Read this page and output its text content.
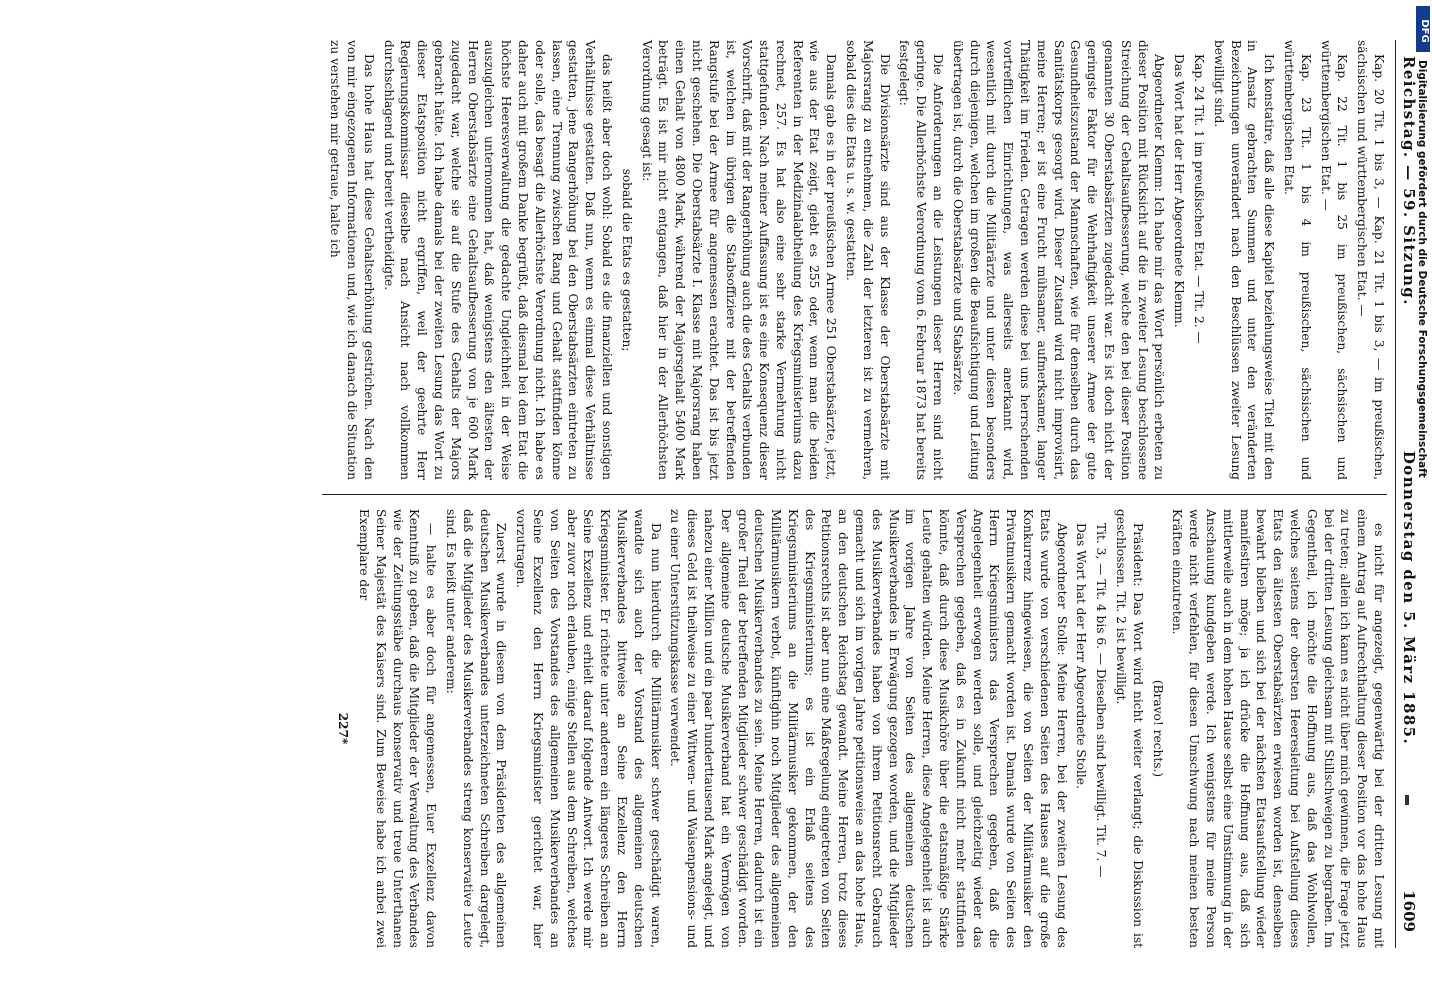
Reichstag. — 59. Sitzung.
Donnerstag den 5. März 1885.
1609

Kap. 20 Tit. 1 bis 3, — Kap. 21 Tit. 1 bis 3, — im preußischen, sächsischen und württembergischen Etat. —

Kap. 22 Tit. 1 bis 25 im preußischen, sächsischen und württembergischen Etat. —

Kap. 23 Tit. 1 bis 4 im preußischen, sächsischen und württembergischen Etat.

Ich konstatire, daß alle diese Kapitel beziehungsweise Titel mit den in Ansatz gebrachten Summen und unter den veränderten Bezeichnungen unverändert nach den Beschlüssen zweiter Lesung bewilligt sind.

Kap. 24 Tit. 1 im preußischen Etat. — Tit. 2. —

Das Wort hat der Herr Abgeordnete Klemm.

Abgeordneter Klemm: Ich habe mir das Wort persönlich erbeten zu dieser Position mit Rücksicht auf die in zweiter Lesung beschlossene Streichung der Gehaltsaufbesserung, welche den bei dieser Position genannten 30 Oberstabsärzten zugedacht war. Es ist doch nicht der geringste Faktor für die Wehrhaftigkeit unserer Armee der gute Gesundheitszustand der Mannschaften, wie für denselben durch das Sanitätskorps gesorgt wird. Dieser Zustand wird nicht improvisirt, meine Herren; er ist eine Frucht mühsamer, aufmerksamer, langer Thätigkeit im Frieden. Getragen werden diese bei uns herrschenden vortrefflichen Einrichtungen, was allerseits anerkannt wird, wesentlich mit durch die Militärärzte und unter diesen besonders durch diejenigen, welchen im großen die Beaufsichtigung und Leitung übertragen ist, durch die Oberstabsärzte und Stabsärzte.

Die Anforderungen an die Leistungen dieser Herren sind nicht geringe. Die Allerhöchste Verordnung vom 6. Februar 1873 hat bereits festgelegt:

Die Divisionsärzte sind aus der Klasse der Oberstabsärzte mit Majorsrang zu entnehmen, die Zahl der letzteren ist zu vermehren, sobald dies die Etats u. s. w. gestatten.

Damals gab es in der preußischen Armee 251 Oberstabsärzte, jetzt, wie aus der Etat zeigt, giebt es 255 oder, wenn man die beiden Referenten in der Medizinalabtheilung des Kriegsministeriums dazu rechnet, 257. Es hat also eine sehr starke Vermehrung nicht stattgefunden. Nach meiner Auffassung ist es eine Konsequenz dieser Vorschrift, daß mit der Rangerhöhung auch die des Gehalts verbunden ist, welchen im übrigen die Stabsoffiziere mit der betreffenden Rangstufe bei der Armee für angemessen erachtet. Das ist bis jetzt nicht geschehen. Die Oberstabsärzte I. Klasse mit Majorsrang haben einen Gehalt von 4800 Mark, während der Majorsgehalt 5400 Mark beträgt. Es ist mir nicht entgangen, daß hier in der Allerhöchsten Verordnung gesagt ist:

sobald die Etats es gestatten;

das heißt aber doch wohl: Sobald es die finanziellen und sonstigen Verhältnisse gestatten. Daß nun, wenn es einmal diese Verhältnisse gestatten, jene Rangerhöhung bei den Oberstabsärzten eintreten zu lassen, eine Trennung zwischen Rang und Gehalt stattfinden könne oder solle, das besagt die Allerhöchste Verordnung nicht. Ich habe es daher auch mit großem Danke begrüßt, daß diesmal bei dem Etat die höchste Heeresverwaltung die gedachte Ungleichheit in der Weise auszugleichen unternommen hat, daß wenigstens den ältesten der Herren Oberstabsärzte eine Gehaltsaufbesserung von je 600 Mark zugedacht war, welche sie auf die Stufe des Gehalts der Majors gebracht hätte. Ich habe damals bei der zweiten Lesung das Wort zu dieser Etatsposition nicht ergriffen, weil der geehrte Herr Regierungskommissar dieselbe nach Ansicht nach vollkommen durchschlagend und bereit vertheidigte.

Das hohe Haus hat diese Gehaltserhöhung gestrichen. Nach den von mir eingezogenen Informationen und, wie ich danach die Situation zu verstehen mir getraue, halte ich

es nicht für angezeigt, gegenwärtig bei der dritten Lesung mit einem Antrag auf Aufrechthaltung dieser Position vor das hohe Haus zu treten; allein ich kann es nicht über mich gewinnen, die Frage jetzt bei der dritten Lesung gleichsam mit Stillschweigen zu begraben. Im Gegentheil, ich möchte die Hoffnung aus, daß das Wohlwollen, welches seitens der obersten Heeresleitung bei Aufstellung dieses Etats den ältesten Oberstabsärzten erwiesen worden ist, denselben bewahrt bleiben und sich bei der nächsten Etatsaufstellung wieder manifestiren möge; ja ich drücke die Hoffnung aus, daß sich mittlerweile auch in dem hohen Hause selbst eine Umstimmung in der Anschauung kundgeben werde. Ich wenigstens für meine Person werde nicht verfehlen, für diesen Umschwung nach meinen besten Kräften einzutreten.

(Bravo! rechts.)

Präsident: Das Wort wird nicht weiter verlangt; die Diskussion ist geschlossen. Tit. 2 ist bewilligt.

Tit. 3, — Tit. 4 bis 6. — Dieselben sind bewilligt. Tit. 7. —

Das Wort hat der Herr Abgeordnete Stolle.

Abgeordneter Stolle: Meine Herren, bei der zweiten Lesung des Etats wurde von verschiedenen Seiten des Hauses auf die große Konkurrenz hingewiesen, die von Seiten der Militärmusiker den Privatmusikern gemacht worden ist. Damals wurde von Seiten des Herrn Kriegsministers das Versprechen gegeben, daß die Angelegenheit erwogen werden solle, und gleichzeitig wieder das Versprechen gegeben, daß es in Zukunft nicht mehr stattfinden könnte, daß durch diese Musikchöre über die etatsmäßige Stärke Leute gehalten würden. Meine Herren, diese Angelegenheit ist auch im vorigen Jahre von Seiten des allgemeinen deutschen Musikerverbandes in Erwägung gezogen worden, und die Mitglieder des Musikerverbandes haben von ihrem Petitionsrecht Gebrauch gemacht und sich im vorigen Jahre petitionsweise an das hohe Haus, an den deutschen Reichstag gewandt. Meine Herren, trotz dieses Petitionsrechts ist aber nun eine Maßregelung eingetreten von Seiten des Kriegsministeriums; es ist ein Erlaß seitens des Kriegsministeriums an die Militärmusiker gekommen, der den Militärmusikern verbot, künftighin noch Mitglieder des allgemeinen deutschen Musikerverbandes zu sein. Meine Herren, dadurch ist ein großer Theil der betreffenden Mitglieder schwer geschädigt worden. Der allgemeine deutsche Musikerverband hat ein Vermögen von nahezu einer Million und ein paar hunderttausend Mark angelegt, und dieses Geld ist theilweise zu einer Wittwen- und Waisenpensions- und zu einer Unterstützungskasse verwendet.

Da nun hierdurch die Militärmusiker schwer geschädigt waren, wandte sich auch der Vorstand des allgemeinen deutschen Musikerverbandes bittweise an Seine Exzellenz den Herrn Kriegsminister. Er richtete unter anderem ein längeres Schreiben an Seine Exzellenz und erhielt darauf folgende Antwort. Ich werde mir aber zuvor noch erlauben, einige Stellen aus dem Schreiben, welches von Seiten des Vorstandes des allgemeinen Musikerverbandes an Seine Exzellenz den Herrn Kriegsminister gerichtet war, hier vorzutragen.

Zuerst wurde in diesem von dem Präsidenten des allgemeinen deutschen Musikerverbandes unterzeichneten Schreiben dargelegt, daß die Mitglieder des Musikerverbandes streng konservative Leute sind. Es heißt unter anderem:

— halte es aber doch für angemessen, Euer Exzellenz davon Kenntniß zu geben, daß die Mitglieder der Verwaltung des Verbandes wie der Zeitungsstäbe durchaus konservativ und treue Unterthanen Seiner Majestät des Kaisers sind. Zum Beweise habe ich anbei zwei Exemplare der

227*

DFG
Digitalisierung gefördert durch die Deutsche Forschungsgemeinschaft
